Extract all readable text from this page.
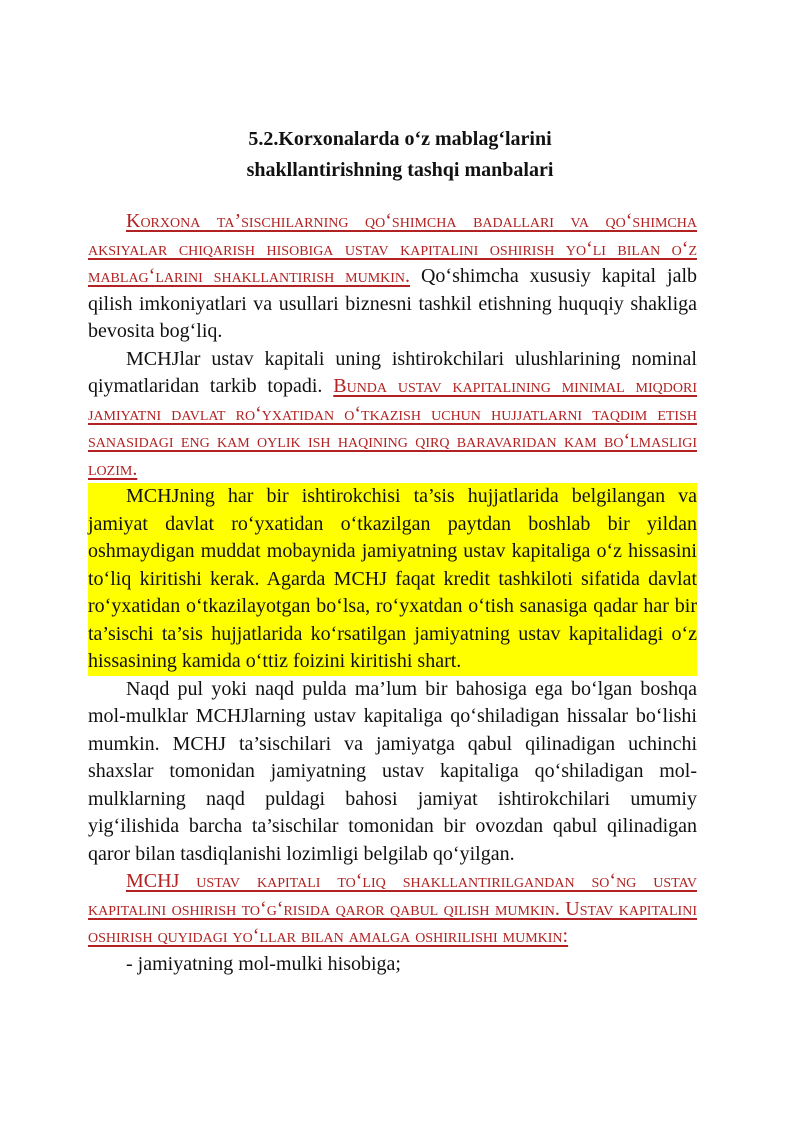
5.2.Korxonalarda o‘z mablag‘larini
shakllantirishning tashqi manbalari

Korxona ta’sischilarning qo‘shimcha badallari va qo‘shimcha aksiyalar chiqarish hisobiga ustav kapitalini oshirish yo‘li bilan o‘z mablag‘larini shakllantirish mumkin. Qo‘shimcha xususiy kapital jalb qilish imkoniyatlari va usullari biznesni tashkil etishning huquqiy shakliga bevosita bog‘liq.

MCHJlar ustav kapitali uning ishtirokchilari ulushlarining nominal qiymatlaridan tarkib topadi. Bunda ustav kapitalining minimal miqdori jamiyatni davlat ro‘yxatidan o‘tkazish uchun hujjatlarni taqdim etish sanasidagi eng kam oylik ish haqining qirq baravaridan kam bo‘lmasligi lozim.

MCHJning har bir ishtirokchisi ta’sis hujjatlarida belgilangan va jamiyat davlat ro‘yxatidan o‘tkazilgan paytdan boshlab bir yildan oshmaydigan muddat mobaynida jamiyatning ustav kapitaliga o‘z hissasini to‘liq kiritishi kerak. Agarda MCHJ faqat kredit tashkiloti sifatida davlat ro‘yxatidan o‘tkazilayotgan bo‘lsa, ro‘yxatdan o‘tish sanasiga qadar har bir ta’sischi ta’sis hujjatlarida ko‘rsatilgan jamiyatning ustav kapitalidagi o‘z hissasining kamida o‘ttiz foizini kiritishi shart.

Naqd pul yoki naqd pulda ma’lum bir bahosiga ega bo‘lgan boshqa mol-mulklar MCHJlarning ustav kapitaliga qo‘shiladigan hissalar bo‘lishi mumkin. MCHJ ta’sischilari va jamiyatga qabul qilinadigan uchinchi shaxslar tomonidan jamiyatning ustav kapitaliga qo‘shiladigan mol-mulklarning naqd puldagi bahosi jamiyat ishtirokchilari umumiy yig‘ilishida barcha ta’sischilar tomonidan bir ovozdan qabul qilinadigan qaror bilan tasdiqlanishi lozimligi belgilab qo‘yilgan.

MCHJ ustav kapitali to‘liq shakllantirilgandan so‘ng ustav kapitalini oshirish to‘g‘risida qaror qabul qilish mumkin. Ustav kapitalini oshirish quyidagi yo‘llar bilan amalga oshirilishi mumkin:

- jamiyatning mol-mulki hisobiga;
